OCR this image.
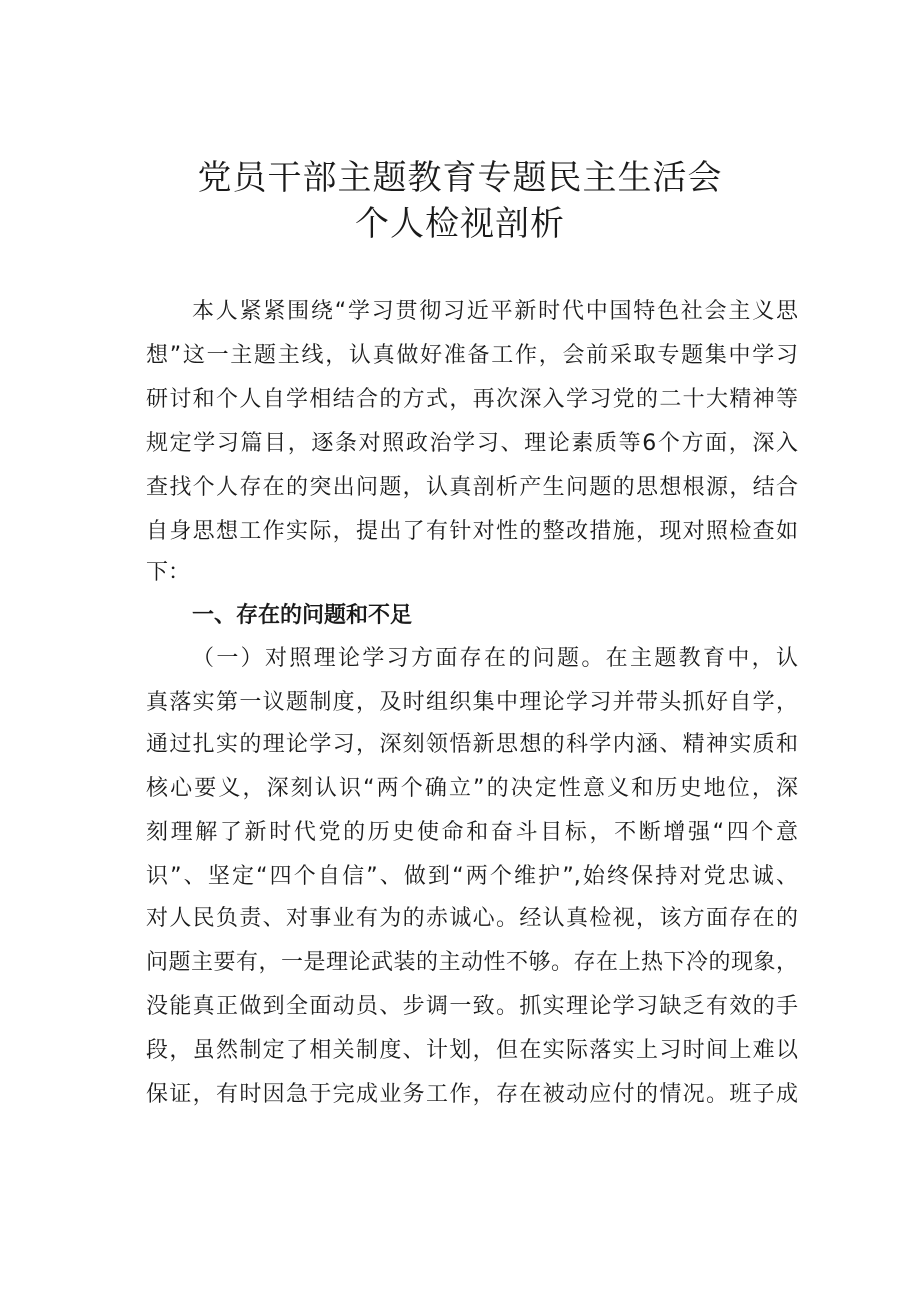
党员干部主题教育专题民主生活会
个人检视剖析
本人紧紧围绕“学习贯彻习近平新时代中国特色社会主义思
想”这一主题主线，认真做好准备工作，会前采取专题集中学习
研讨和个人自学相结合的方式，再次深入学习党的二十大精神等
规定学习篇目，逐条对照政治学习、理论素质等6个方面，深入
查找个人存在的突出问题，认真剖析产生问题的思想根源，结合
自身思想工作实际，提出了有针对性的整改措施，现对照检查如
下：
一、存在的问题和不足
（一）对照理论学习方面存在的问题。在主题教育中，认
真落实第一议题制度，及时组织集中理论学习并带头抓好自学，
通过扎实的理论学习，深刻领悟新思想的科学内涵、精神实质和
核心要义，深刻认识“两个确立”的决定性意义和历史地位，深
刻理解了新时代党的历史使命和奋斗目标，不断增强“四个意
识”、坚定“四个自信”、做到“两个维护”,始终保持对党忠诚、
对人民负责、对事业有为的赤诚心。经认真检视，该方面存在的
问题主要有，一是理论武装的主动性不够。存在上热下冷的现象，
没能真正做到全面动员、步调一致。抓实理论学习缺乏有效的手
段，虽然制定了相关制度、计划，但在实际落实上习时间上难以
保证，有时因急于完成业务工作，存在被动应付的情况。班子成
